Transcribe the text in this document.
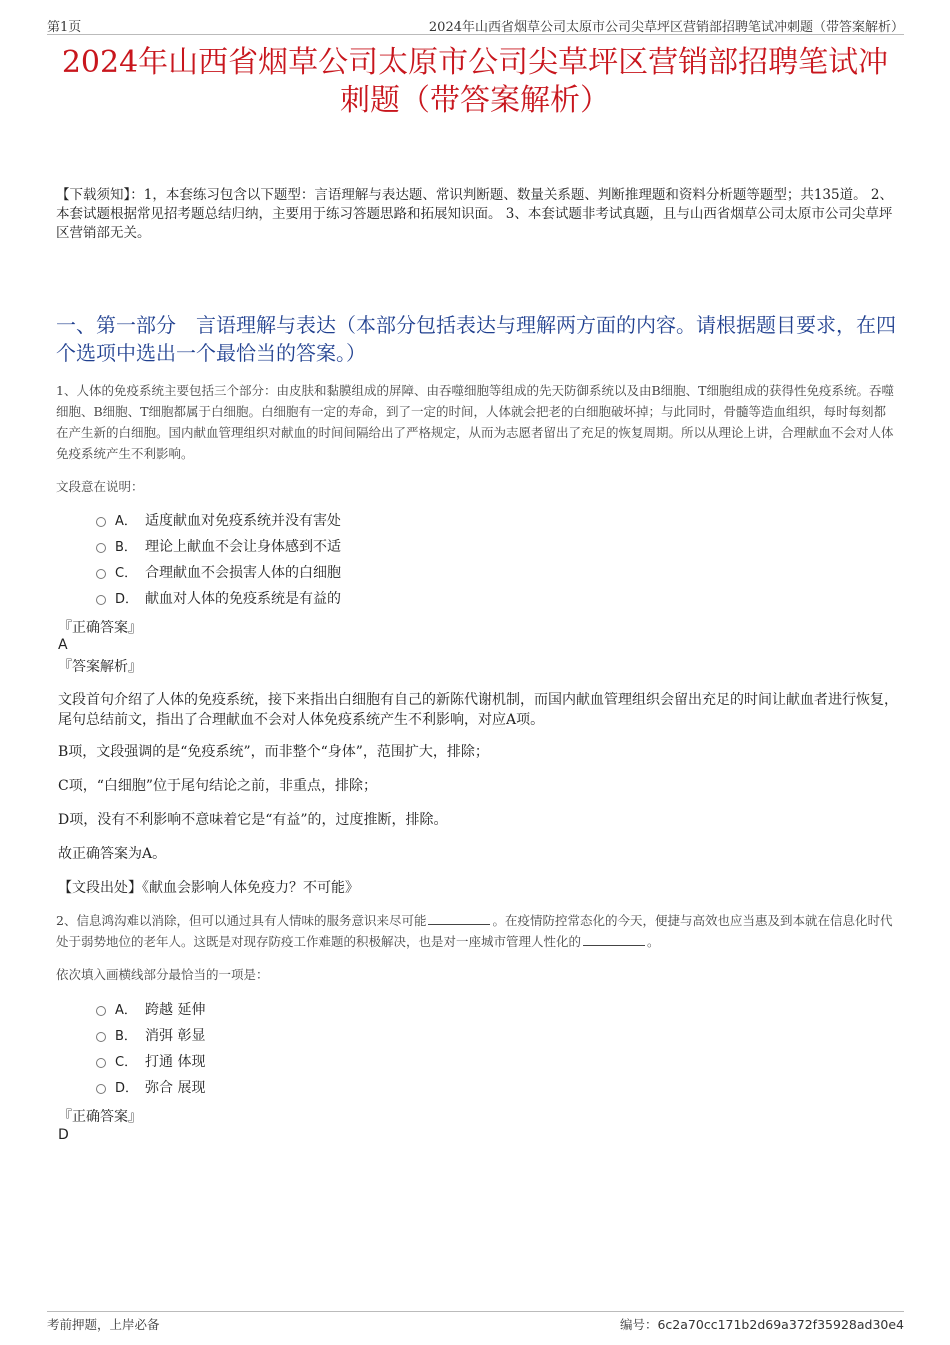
第1页	2024年山西省烟草公司太原市公司尖草坪区营销部招聘笔试冲刺题（带答案解析）
2024年山西省烟草公司太原市公司尖草坪区营销部招聘笔试冲
刺题（带答案解析）
【下载须知】：1，本套练习包含以下题型：言语理解与表达题、常识判断题、数量关系题、判断推理题和资料分析题等题型；共135道。 2、本套试题根据常见招考题总结归纳，主要用于练习答题思路和拓展知识面。 3、本套试题非考试真题，且与山西省烟草公司太原市公司尖草坪区营销部无关。
一、第一部分　言语理解与表达（本部分包括表达与理解两方面的内容。请根据题目要求，在四个选项中选出一个最恰当的答案。）
1、人体的免疫系统主要包括三个部分：由皮肤和黏膜组成的屏障、由吞噬细胞等组成的先天防御系统以及由B细胞、T细胞组成的获得性免疫系统。吞噬细胞、B细胞、T细胞都属于白细胞。白细胞有一定的寿命，到了一定的时间，人体就会把老的白细胞破坏掉；与此同时，骨髓等造血组织，每时每刻都在产生新的白细胞。国内献血管理组织对献血的时间间隔给出了严格规定，从而为志愿者留出了充足的恢复周期。所以从理论上讲，合理献血不会对人体免疫系统产生不利影响。
文段意在说明：
A． 适度献血对免疫系统并没有害处
B． 理论上献血不会让身体感到不适
C． 合理献血不会损害人体的白细胞
D． 献血对人体的免疫系统是有益的
『正确答案』
A
『答案解析』
文段首句介绍了人体的免疫系统，接下来指出白细胞有自己的新陈代谢机制，而国内献血管理组织会留出充足的时间让献血者进行恢复，尾句总结前文，指出了合理献血不会对人体免疫系统产生不利影响，对应A项。
B项，文段强调的是“免疫系统”，而非整个“身体”，范围扩大，排除；
C项，“白细胞”位于尾句结论之前，非重点，排除；
D项，没有不利影响不意味着它是“有益”的，过度推断，排除。
故正确答案为A。
【文段出处】《献血会影响人体免疫力？不可能》
2、信息鸿沟难以消除，但可以通过具有人情味的服务意识来尽可能	。在疫情防控常态化的今天，便捷与高效也应当惠及到本就在信息化时代处于弱势地位的老年人。这既是对现存防疫工作难题的积极解决，也是对一座城市管理人性化的	。
依次填入画横线部分最恰当的一项是：
A． 跨越 延伸
B． 消弭 彰显
C． 打通 体现
D． 弥合 展现
『正确答案』
D
考前押题，上岸必备	编号：6c2a70cc171b2d69a372f35928ad30e4
